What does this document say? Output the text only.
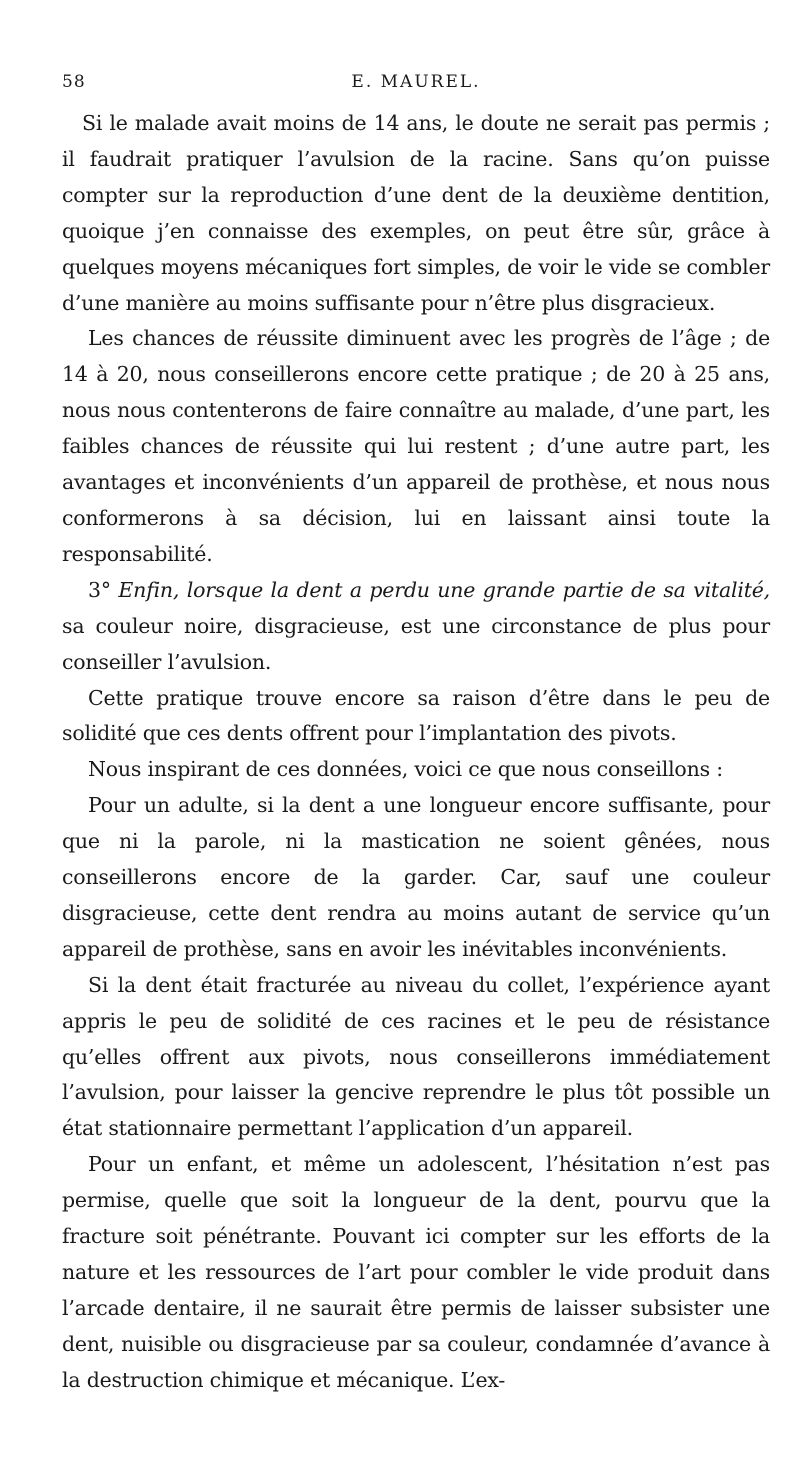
58	E. MAUREL.

Si le malade avait moins de 14 ans, le doute ne serait pas permis ; il faudrait pratiquer l’avulsion de la racine. Sans qu’on puisse compter sur la reproduction d’une dent de la deuxième dentition, quoique j’en connaisse des exemples, on peut être sûr, grâce à quelques moyens mécaniques fort simples, de voir le vide se combler d’une manière au moins suffisante pour n’être plus disgracieux.

Les chances de réussite diminuent avec les progrès de l’âge ; de 14 à 20, nous conseillerons encore cette pratique ; de 20 à 25 ans, nous nous contenterons de faire connaître au malade, d’une part, les faibles chances de réussite qui lui restent ; d’une autre part, les avantages et inconvénients d’un appareil de prothèse, et nous nous conformerons à sa décision, lui en laissant ainsi toute la responsabilité.

3° Enfin, lorsque la dent a perdu une grande partie de sa vitalité, sa couleur noire, disgracieuse, est une circonstance de plus pour conseiller l’avulsion.

Cette pratique trouve encore sa raison d’être dans le peu de solidité que ces dents offrent pour l’implantation des pivots.

Nous inspirant de ces données, voici ce que nous conseillons :

Pour un adulte, si la dent a une longueur encore suffisante, pour que ni la parole, ni la mastication ne soient gênées, nous conseillerons encore de la garder. Car, sauf une couleur disgracieuse, cette dent rendra au moins autant de service qu’un appareil de prothèse, sans en avoir les inévitables inconvénients.

Si la dent était fracturée au niveau du collet, l’expérience ayant appris le peu de solidité de ces racines et le peu de résistance qu’elles offrent aux pivots, nous conseillerons immédiatement l’avulsion, pour laisser la gencive reprendre le plus tôt possible un état stationnaire permettant l’application d’un appareil.

Pour un enfant, et même un adolescent, l’hésitation n’est pas permise, quelle que soit la longueur de la dent, pourvu que la fracture soit pénétrante. Pouvant ici compter sur les efforts de la nature et les ressources de l’art pour combler le vide produit dans l’arcade dentaire, il ne saurait être permis de laisser subsister une dent, nuisible ou disgracieuse par sa couleur, condamnée d’avance à la destruction chimique et mécanique. L’ex-
